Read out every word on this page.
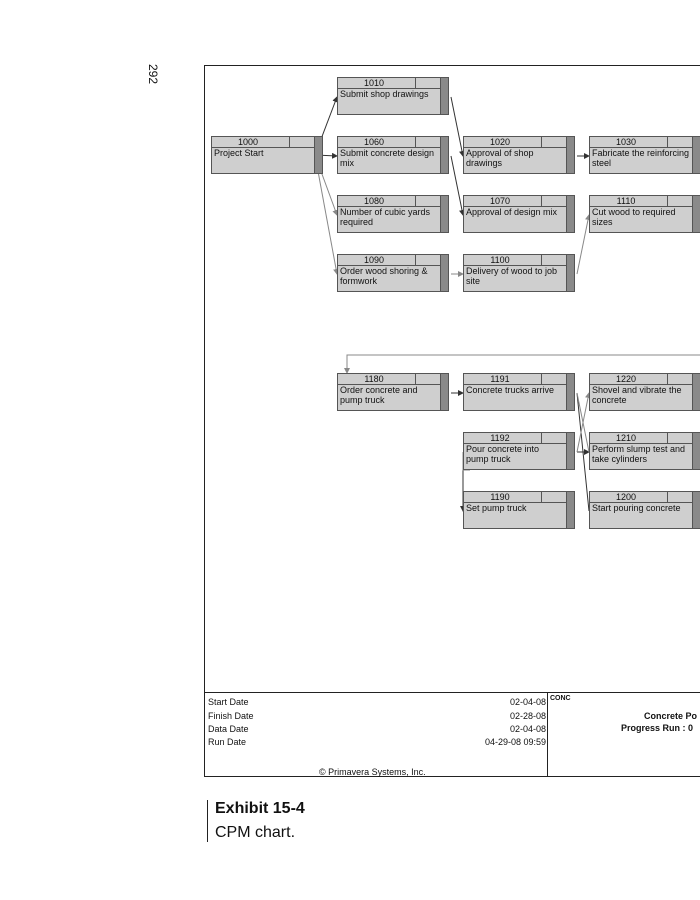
292
1000
Project Start
1010
Submit shop drawings
1060
Submit concrete design mix
1080
Number of cubic yards required
1090
Order wood shoring & formwork
1020
Approval of shop drawings
1070
Approval of design mix
1100
Delivery of wood to job site
1030
Fabricate the reinforcing steel
1110
Cut wood to required sizes
1180
Order concrete and pump truck
1191
Concrete trucks arrive
1192
Pour concrete into pump truck
1190
Set pump truck
1220
Shovel and vibrate the concrete
1210
Perform slump test and take cylinders
1200
Start pouring concrete
Start Date	02-04-08
Finish Date	02-28-08
Data Date	02-04-08
Run Date	04-29-08 09:59
CONC
Concrete Po
Progress Run : 0
© Primavera Systems, Inc.
Exhibit 15-4
CPM chart.
